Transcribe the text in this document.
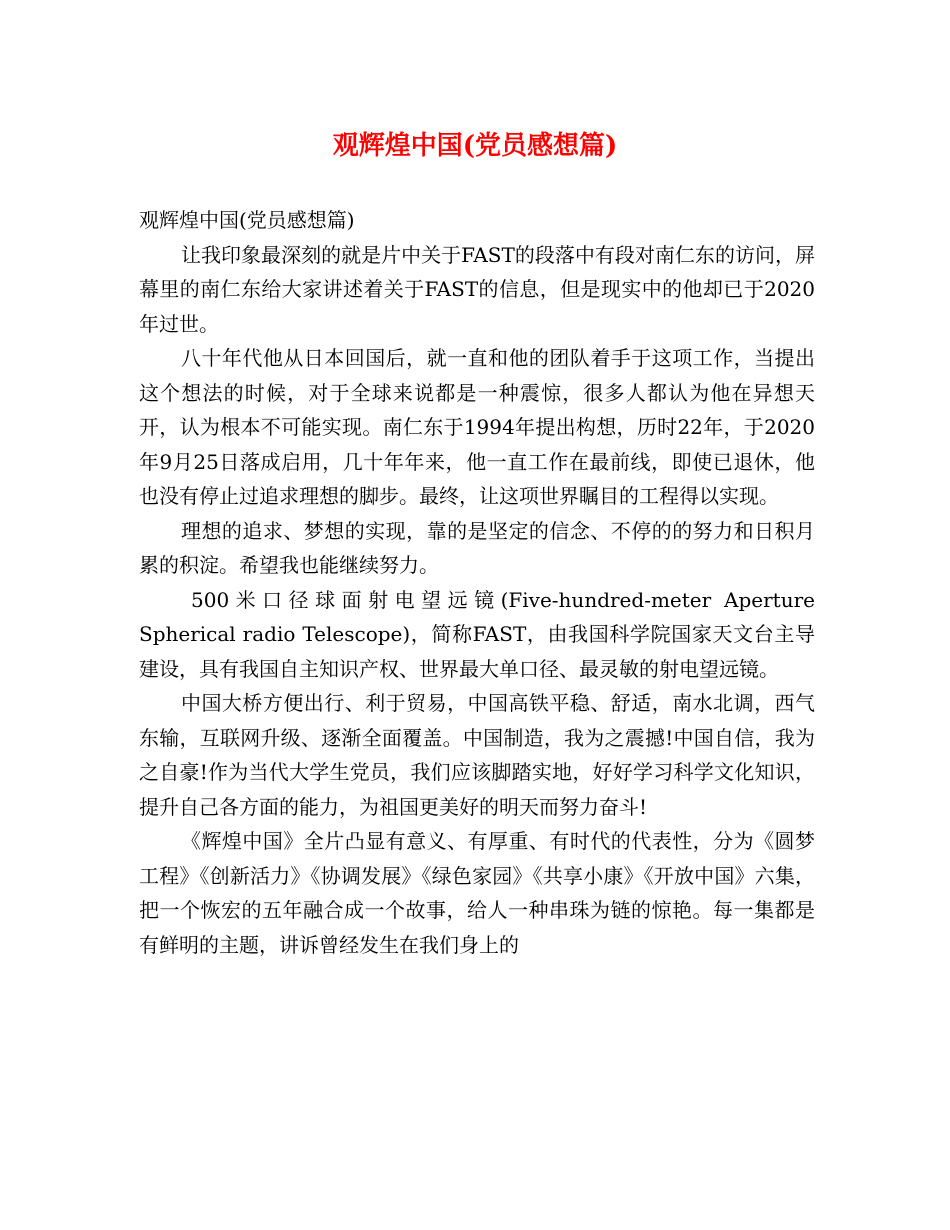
观辉煌中国(党员感想篇)

观辉煌中国(党员感想篇)

让我印象最深刻的就是片中关于FAST的段落中有段对南仁东的访问，屏幕里的南仁东给大家讲述着关于FAST的信息，但是现实中的他却已于2020年过世。

八十年代他从日本回国后，就一直和他的团队着手于这项工作，当提出这个想法的时候，对于全球来说都是一种震惊，很多人都认为他在异想天开，认为根本不可能实现。南仁东于1994年提出构想，历时22年，于2020年9月25日落成启用，几十年年来，他一直工作在最前线，即使已退休，他也没有停止过追求理想的脚步。最终，让这项世界瞩目的工程得以实现。

理想的追求、梦想的实现，靠的是坚定的信念、不停的的努力和日积月累的积淀。希望我也能继续努力。

500米口径球面射电望远镜(Five-hundred-meter Aperture Spherical radio Telescope)，简称FAST，由我国科学院国家天文台主导建设，具有我国自主知识产权、世界最大单口径、最灵敏的射电望远镜。

中国大桥方便出行、利于贸易，中国高铁平稳、舒适，南水北调，西气东输，互联网升级、逐渐全面覆盖。中国制造，我为之震撼!中国自信，我为之自豪!作为当代大学生党员，我们应该脚踏实地，好好学习科学文化知识，提升自己各方面的能力，为祖国更美好的明天而努力奋斗!

《辉煌中国》全片凸显有意义、有厚重、有时代的代表性，分为《圆梦工程》《创新活力》《协调发展》《绿色家园》《共享小康》《开放中国》六集，把一个恢宏的五年融合成一个故事，给人一种串珠为链的惊艳。每一集都是有鲜明的主题，讲诉曾经发生在我们身上的
